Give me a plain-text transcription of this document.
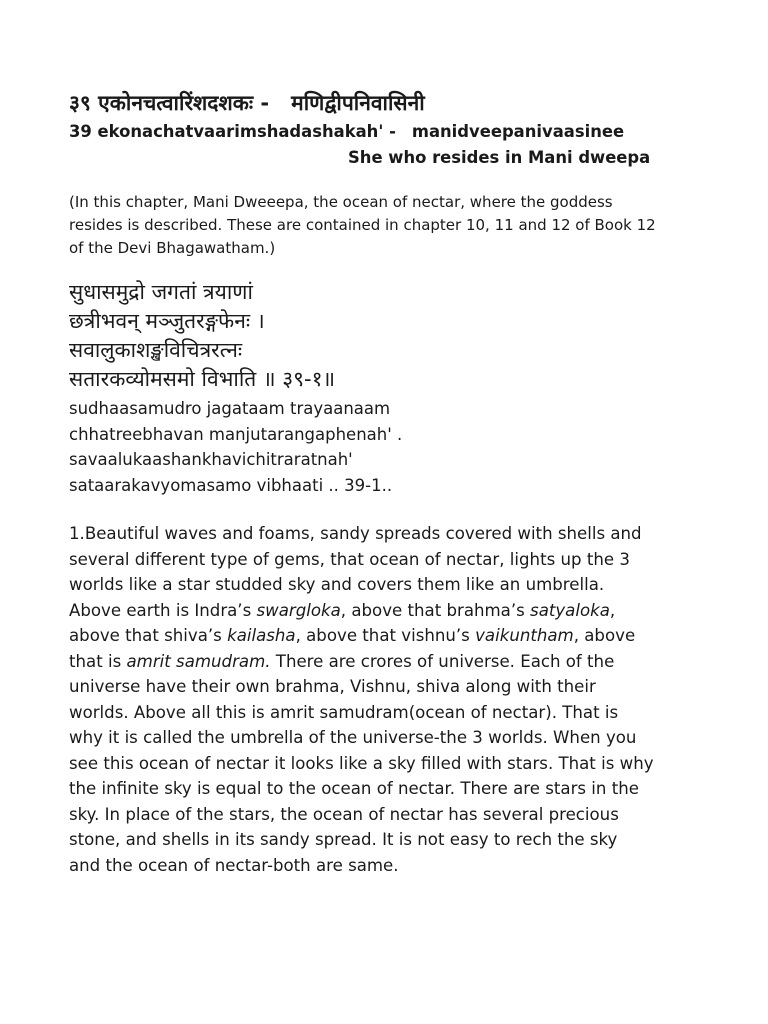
३९ एकोनचत्वारिंशदशकः - मणिद्वीपनिवासिनी
39 ekonachatvaarimshadashakah' - manidveepanivaasinee
She who resides in Mani dweepa
(In this chapter, Mani Dweeepa, the ocean of nectar, where the goddess
resides is described. These are contained in chapter 10, 11 and 12 of Book 12
of the Devi Bhagawatham.)
सुधासमुद्रो जगतां त्रयाणां
छत्रीभवन् मञ्जुतरङ्गफेनः ।
सवालुकाशङ्खविचित्ररत्नः
सतारकव्योमसमो विभाति ॥ ३९-१॥
sudhaasamudro jagataam trayaanaam
chhatreebhavan manjutarangaphenah' .
savaalukaashankhavichitraratnah'
sataarakavyomasamo vibhaati .. 39-1..
1.Beautiful waves and foams, sandy spreads covered with shells and
several different type of gems, that ocean of nectar, lights up the 3
worlds like a star studded sky and covers them like an umbrella.
Above earth is Indra’s swargloka, above that brahma’s satyaloka,
above that shiva’s kailasha, above that vishnu’s vaikuntham, above
that is amrit samudram. There are crores of universe. Each of the
universe have their own brahma, Vishnu, shiva along with their
worlds. Above all this is amrit samudram(ocean of nectar). That is
why it is called the umbrella of the universe-the 3 worlds. When you
see this ocean of nectar it looks like a sky filled with stars. That is why
the infinite sky is equal to the ocean of nectar. There are stars in the
sky. In place of the stars, the ocean of nectar has several precious
stone, and shells in its sandy spread. It is not easy to rech the sky
and the ocean of nectar-both are same.
